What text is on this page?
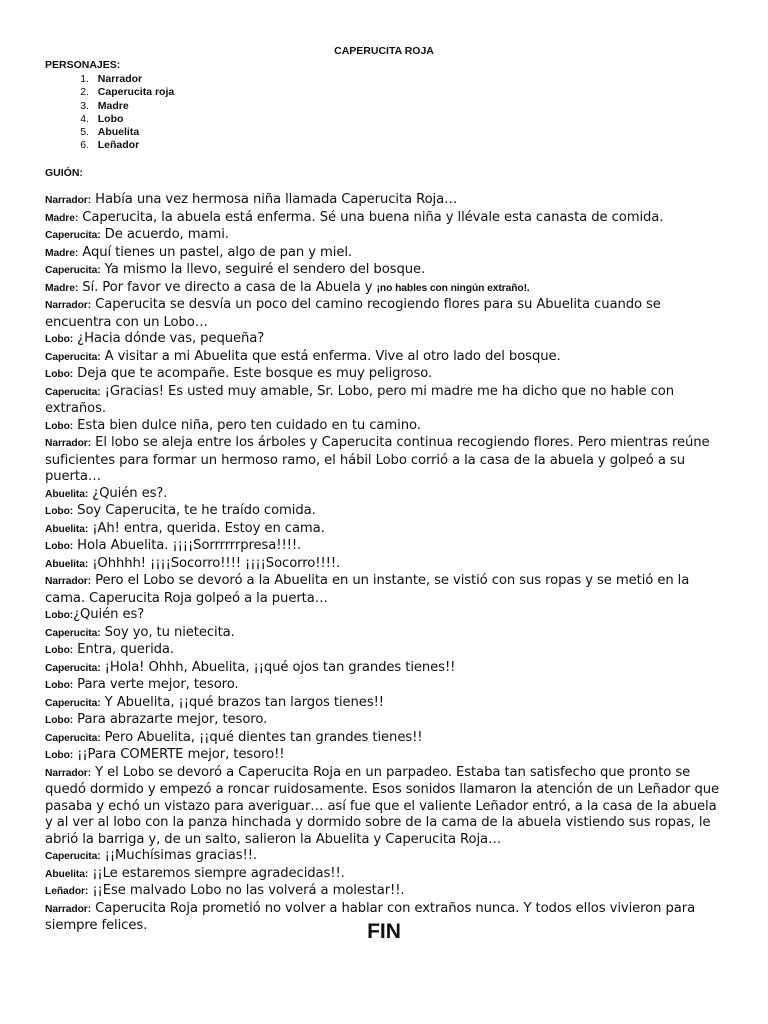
CAPERUCITA ROJA
PERSONAJES:
1. Narrador
2. Caperucita roja
3. Madre
4. Lobo
5. Abuelita
6. Leñador
GUIÓN:

Narrador: Había una vez hermosa niña llamada Caperucita Roja…

Madre: Caperucita, la abuela está enferma. Sé una buena niña y llévale esta canasta de comida.

Caperucita: De acuerdo, mami.

Madre: Aquí tienes un pastel, algo de pan y miel.

Caperucita: Ya mismo la llevo, seguiré el sendero del bosque.

Madre: Sí. Por favor ve directo a casa de la Abuela y ¡no hables con ningún extraño!.

Narrador: Caperucita se desvía un poco del camino recogiendo flores para su Abuelita cuando se encuentra con un Lobo…

Lobo: ¿Hacia dónde vas, pequeña?

Caperucita: A visitar a mi Abuelita que está enferma. Vive al otro lado del bosque.

Lobo: Deja que te acompañe. Este bosque es muy peligroso.

Caperucita: ¡Gracias! Es usted muy amable, Sr. Lobo, pero mi madre me ha dicho que no hable con extraños.

Lobo: Esta bien dulce niña, pero ten cuidado en tu camino.

Narrador: El lobo se aleja entre los árboles y Caperucita continua recogiendo flores. Pero mientras reúne suficientes para formar un hermoso ramo, el hábil Lobo corrió a la casa de la abuela y golpeó a su puerta…

Abuelita: ¿Quién es?.

Lobo: Soy Caperucita, te he traído comida.

Abuelita: ¡Ah! entra, querida. Estoy en cama.

Lobo: Hola Abuelita. ¡¡¡¡Sorrrrrrpresa!!!!.

Abuelita: ¡Ohhhh! ¡¡¡¡Socorro!!!! ¡¡¡¡Socorro!!!!.

Narrador: Pero el Lobo se devoró a la Abuelita en un instante, se vistió con sus ropas y se metió en la cama. Caperucita Roja golpeó a la puerta…

Lobo:¿Quién es?

Caperucita: Soy yo, tu nietecita.

Lobo: Entra, querida.

Caperucita: ¡Hola! Ohhh, Abuelita, ¡¡qué ojos tan grandes tienes!!

Lobo: Para verte mejor, tesoro.

Caperucita: Y Abuelita, ¡¡qué brazos tan largos tienes!!

Lobo: Para abrazarte mejor, tesoro.

Caperucita: Pero Abuelita, ¡¡qué dientes tan grandes tienes!!

Lobo: ¡¡Para COMERTE mejor, tesoro!!

Narrador: Y el Lobo se devoró a Caperucita Roja en un parpadeo. Estaba tan satisfecho que pronto se quedó dormido y empezó a roncar ruidosamente. Esos sonidos llamaron la atención de un Leñador que pasaba y echó un vistazo para averiguar… así fue que el valiente Leñador entró, a la casa de la abuela y al ver al lobo con la panza hinchada y dormido sobre de la cama de la abuela vistiendo sus ropas, le abrió la barriga y, de un salto, salieron la Abuelita y Caperucita Roja…

Caperucita: ¡¡Muchísimas gracias!!.

Abuelita: ¡¡Le estaremos siempre agradecidas!!.

Leñador: ¡¡Ese malvado Lobo no las volverá a molestar!!.

Narrador: Caperucita Roja prometió no volver a hablar con extraños nunca. Y todos ellos vivieron para siempre felices.	FIN
